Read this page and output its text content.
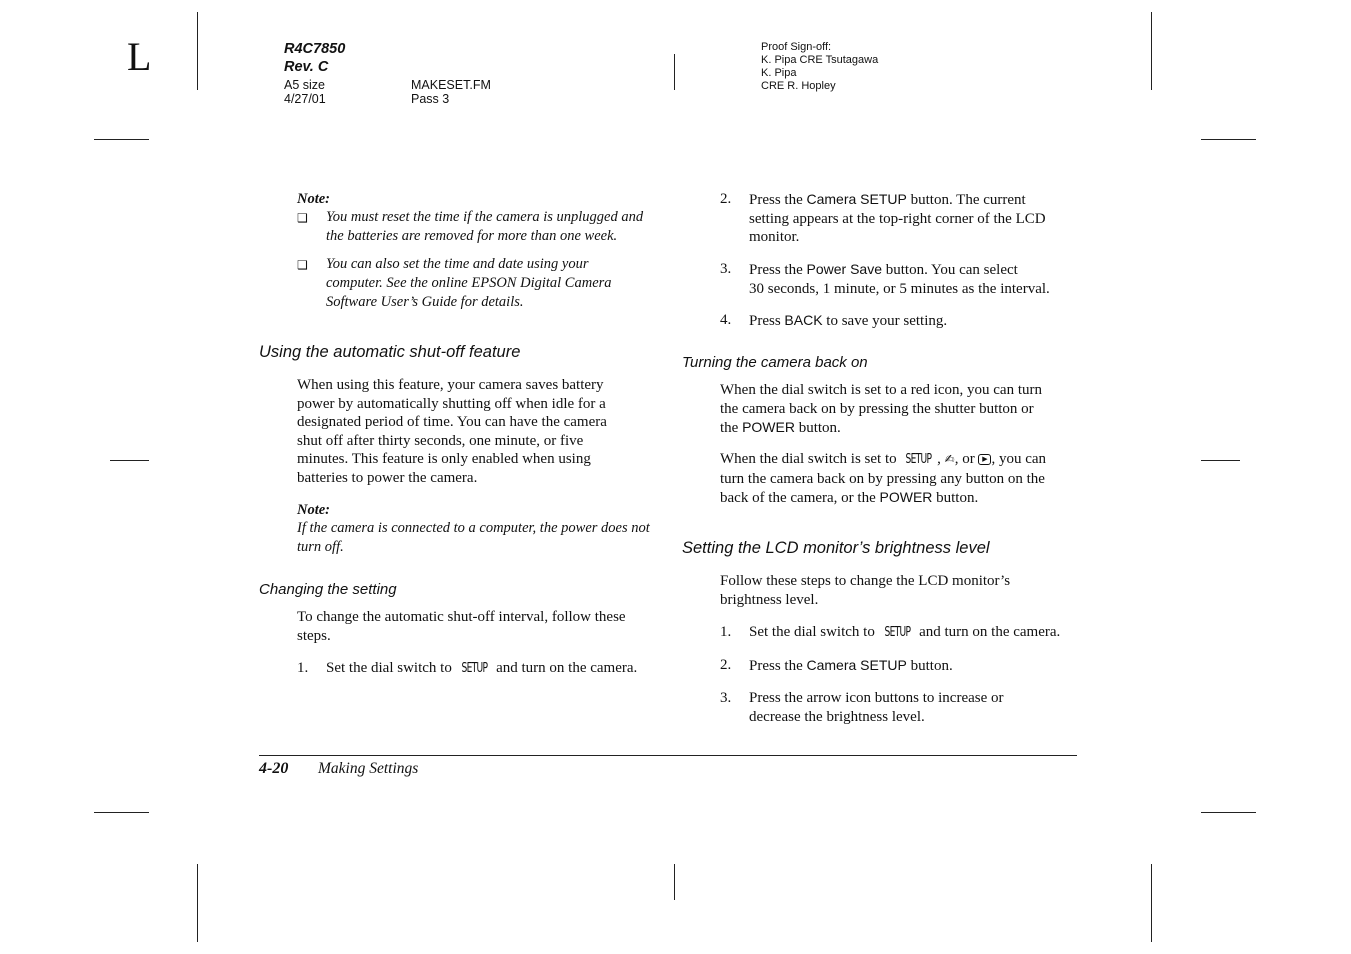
L	R4C7850
Rev. C
A5 size
4/27/01
MAKESET.FM
Pass 3
Proof Sign-off:
K. Pipa CRE Tsutagawa
K. Pipa
CRE R. Hopley
Note:
❑ You must reset the time if the camera is unplugged and
the batteries are removed for more than one week.
❑ You can also set the time and date using your
computer. See the online EPSON Digital Camera
Software User’s Guide for details.
Using the automatic shut-off feature
When using this feature, your camera saves battery
power by automatically shutting off when idle for a
designated period of time. You can have the camera
shut off after thirty seconds, one minute, or five
minutes. This feature is only enabled when using
batteries to power the camera.
Note:
If the camera is connected to a computer, the power does not
turn off.
Changing the setting
To change the automatic shut-off interval, follow these
steps.
1. Set the dial switch to SETUP and turn on the camera.
2. Press the Camera SETUP button. The current
setting appears at the top-right corner of the LCD
monitor.
3. Press the Power Save button. You can select
30 seconds, 1 minute, or 5 minutes as the interval.
4. Press BACK to save your setting.
Turning the camera back on
When the dial switch is set to a red icon, you can turn
the camera back on by pressing the shutter button or
the POWER button.
When the dial switch is set to SETUP , ✍, or ▶ , you can
turn the camera back on by pressing any button on the
back of the camera, or the POWER button.
Setting the LCD monitor’s brightness level
Follow these steps to change the LCD monitor’s
brightness level.
1. Set the dial switch to SETUP and turn on the camera.
2. Press the Camera SETUP button.
3. Press the arrow icon buttons to increase or
decrease the brightness level.
4-20 Making Settings
